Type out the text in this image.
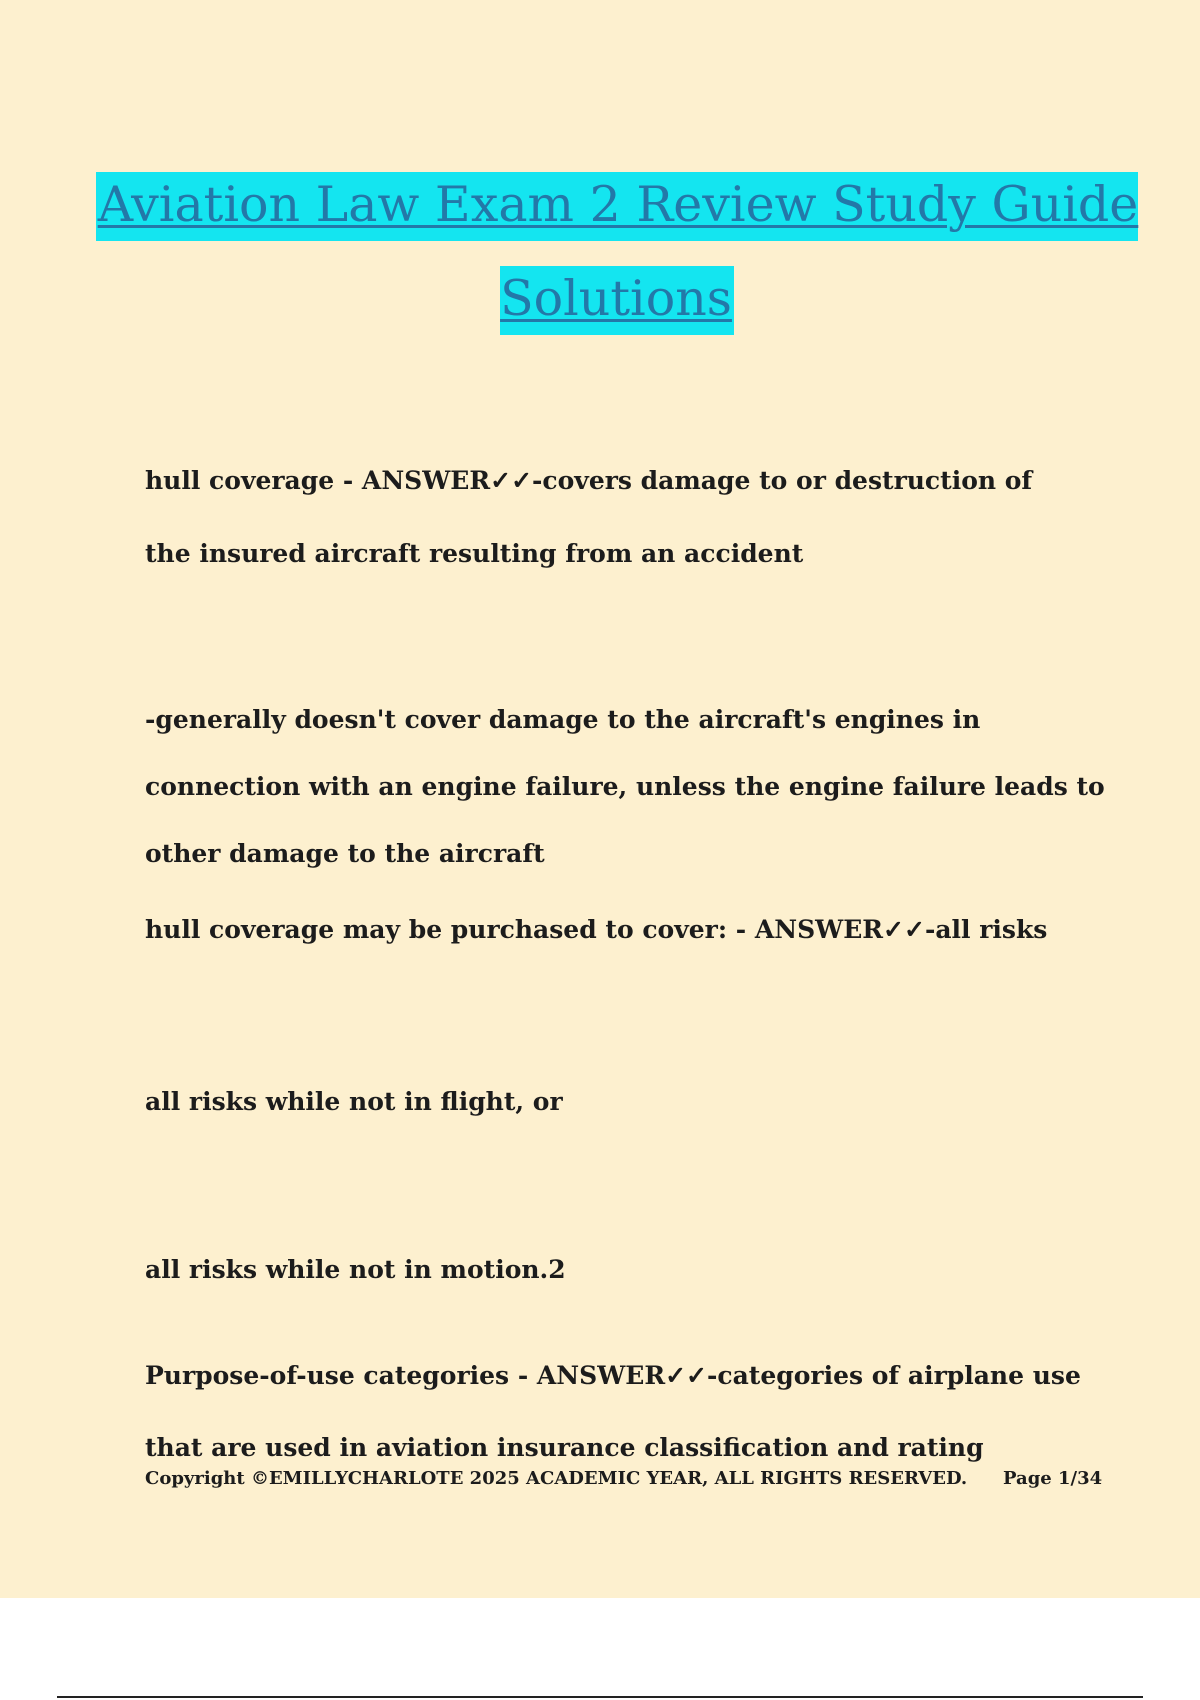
Aviation Law Exam 2 Review Study Guide Solutions

hull coverage - ANSWER✓✓-covers damage to or destruction of the insured aircraft resulting from an accident

-generally doesn't cover damage to the aircraft's engines in connection with an engine failure, unless the engine failure leads to other damage to the aircraft

hull coverage may be purchased to cover: - ANSWER✓✓-all risks

all risks while not in flight, or

all risks while not in motion.2

Purpose-of-use categories - ANSWER✓✓-categories of airplane use that are used in aviation insurance classification and rating

Copyright ©EMILLYCHARLOTE 2025 ACADEMIC YEAR, ALL RIGHTS RESERVED. Page 1/34
